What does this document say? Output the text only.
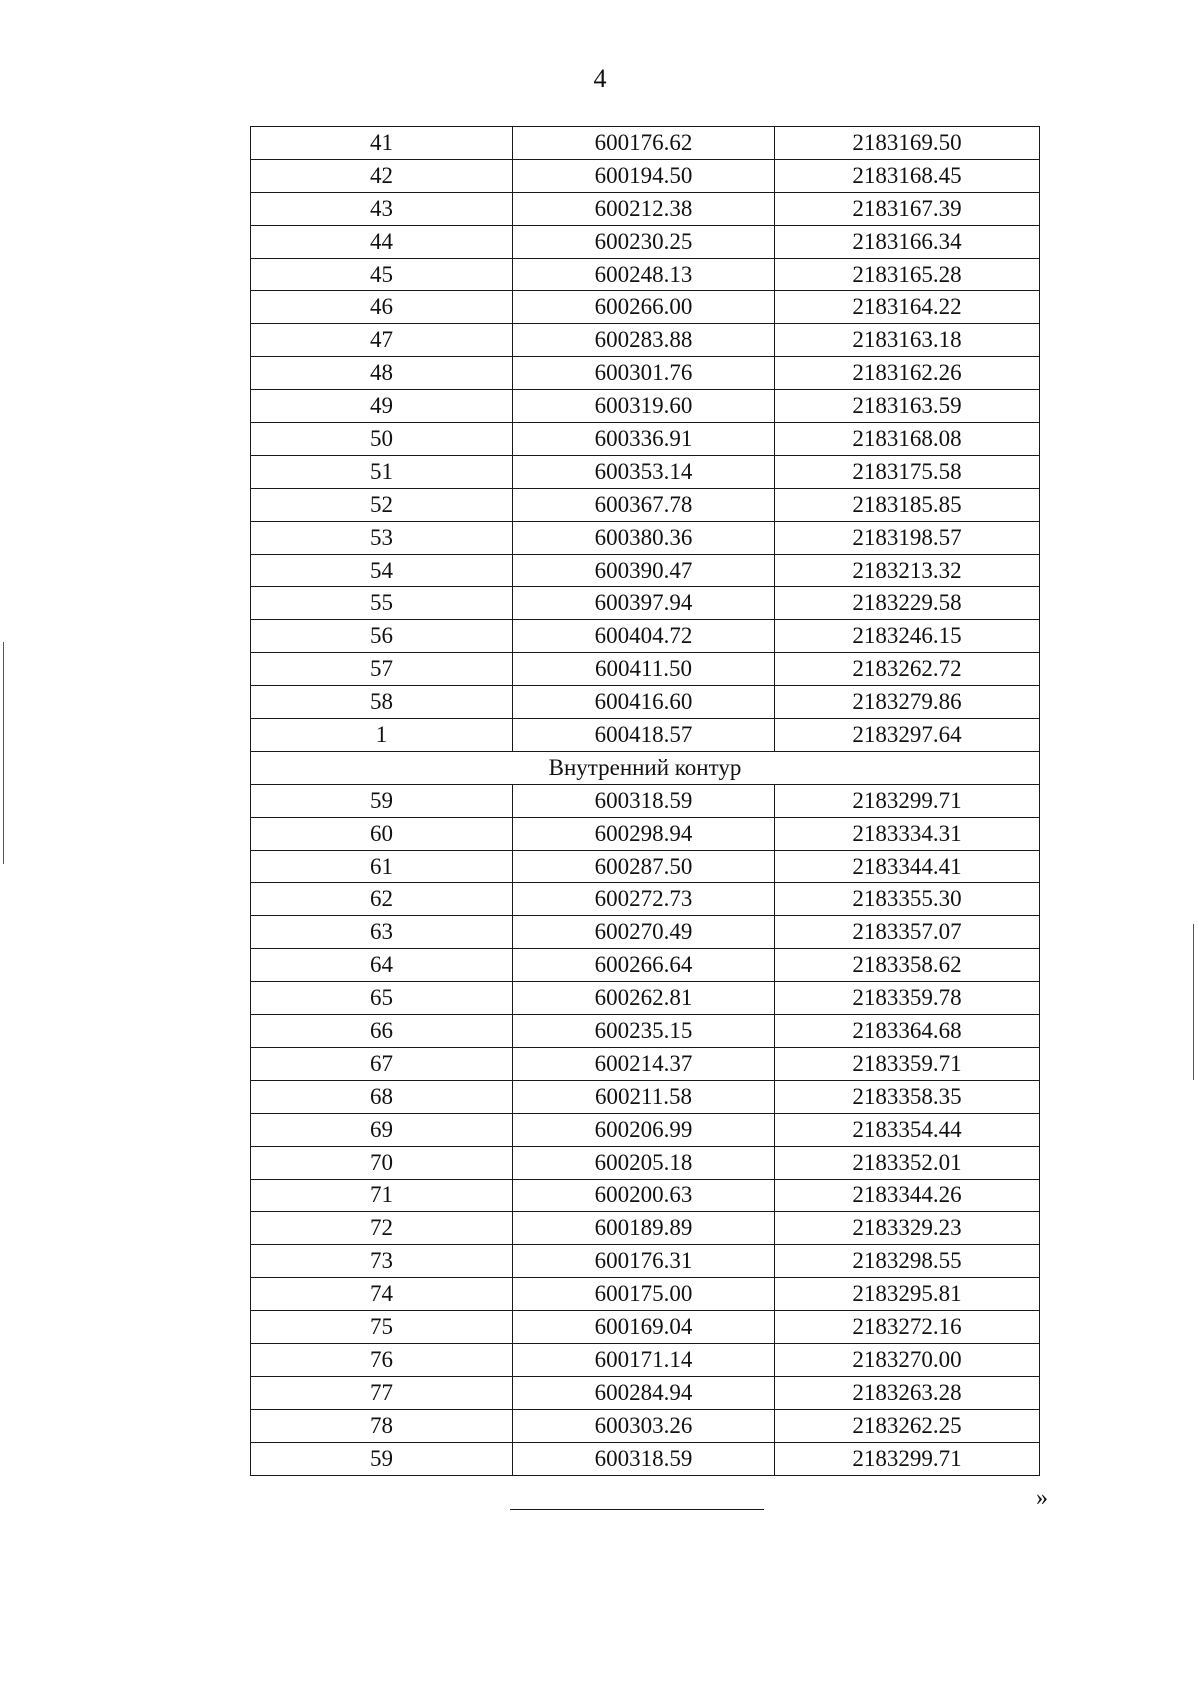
4
41	600176.62	2183169.50
42	600194.50	2183168.45
43	600212.38	2183167.39
44	600230.25	2183166.34
45	600248.13	2183165.28
46	600266.00	2183164.22
47	600283.88	2183163.18
48	600301.76	2183162.26
49	600319.60	2183163.59
50	600336.91	2183168.08
51	600353.14	2183175.58
52	600367.78	2183185.85
53	600380.36	2183198.57
54	600390.47	2183213.32
55	600397.94	2183229.58
56	600404.72	2183246.15
57	600411.50	2183262.72
58	600416.60	2183279.86
1	600418.57	2183297.64
Внутренний контур		
59	600318.59	2183299.71
60	600298.94	2183334.31
61	600287.50	2183344.41
62	600272.73	2183355.30
63	600270.49	2183357.07
64	600266.64	2183358.62
65	600262.81	2183359.78
66	600235.15	2183364.68
67	600214.37	2183359.71
68	600211.58	2183358.35
69	600206.99	2183354.44
70	600205.18	2183352.01
71	600200.63	2183344.26
72	600189.89	2183329.23
73	600176.31	2183298.55
74	600175.00	2183295.81
75	600169.04	2183272.16
76	600171.14	2183270.00
77	600284.94	2183263.28
78	600303.26	2183262.25
59	600318.59	2183299.71
»
